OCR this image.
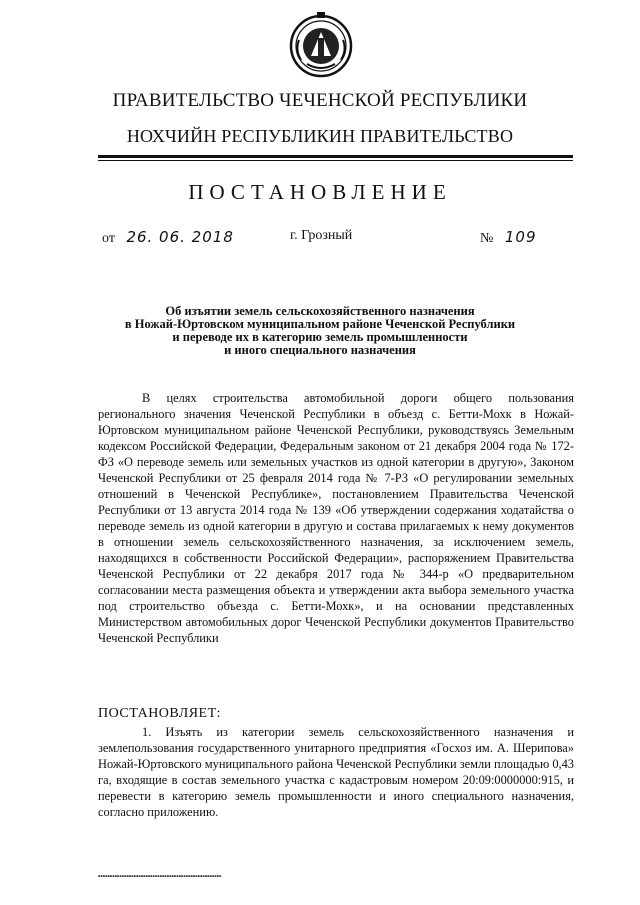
ПРАВИТЕЛЬСТВО ЧЕЧЕНСКОЙ РЕСПУБЛИКИ
НОХЧИЙН РЕСПУБЛИКИН ПРАВИТЕЛЬСТВО
ПОСТАНОВЛЕНИЕ
от 26. 06. 2018	г. Грозный	№ 109
Об изъятии земель сельскохозяйственного назначения
в Ножай-Юртовском муниципальном районе Чеченской Республики
и переводе их в категорию земель промышленности
и иного специального назначения
В целях строительства автомобильной дороги общего пользования регионального значения Чеченской Республики в объезд с. Бетти-Мохк в Ножай-Юртовском муниципальном районе Чеченской Республики, руководствуясь Земельным кодексом Российской Федерации, Федеральным законом от 21 декабря 2004 года № 172-ФЗ «О переводе земель или земельных участков из одной категории в другую», Законом Чеченской Республики от 25 февраля 2014 года № 7-РЗ «О регулировании земельных отношений в Чеченской Республике», постановлением Правительства Чеченской Республики от 13 августа 2014 года № 139 «Об утверждении содержания ходатайства о переводе земель из одной категории в другую и состава прилагаемых к нему документов в отношении земель сельскохозяйственного назначения, за исключением земель, находящихся в собственности Российской Федерации», распоряжением Правительства Чеченской Республики от 22 декабря 2017 года № 344-р «О предварительном согласовании места размещения объекта и утверждении акта выбора земельного участка под строительство объезда с. Бетти-Мохк», и на основании представленных Министерством автомобильных дорог Чеченской Республики документов Правительство Чеченской Республики
ПОСТАНОВЛЯЕТ:
1. Изъять из категории земель сельскохозяйственного назначения и землепользования государственного унитарного предприятия «Госхоз им. А. Шерипова» Ножай-Юртовского муниципального района Чеченской Республики земли площадью 0,43 га, входящие в состав земельного участка с кадастровым номером 20:09:0000000:915, и перевести в категорию земель промышленности и иного специального назначения, согласно приложению.
▪▪▪▪▪▪▪▪▪▪▪▪▪▪▪▪▪▪▪▪▪▪▪▪▪▪▪▪▪▪▪▪▪▪▪▪▪▪▪▪▪▪▪▪▪▪▪▪▪▪▪▪
